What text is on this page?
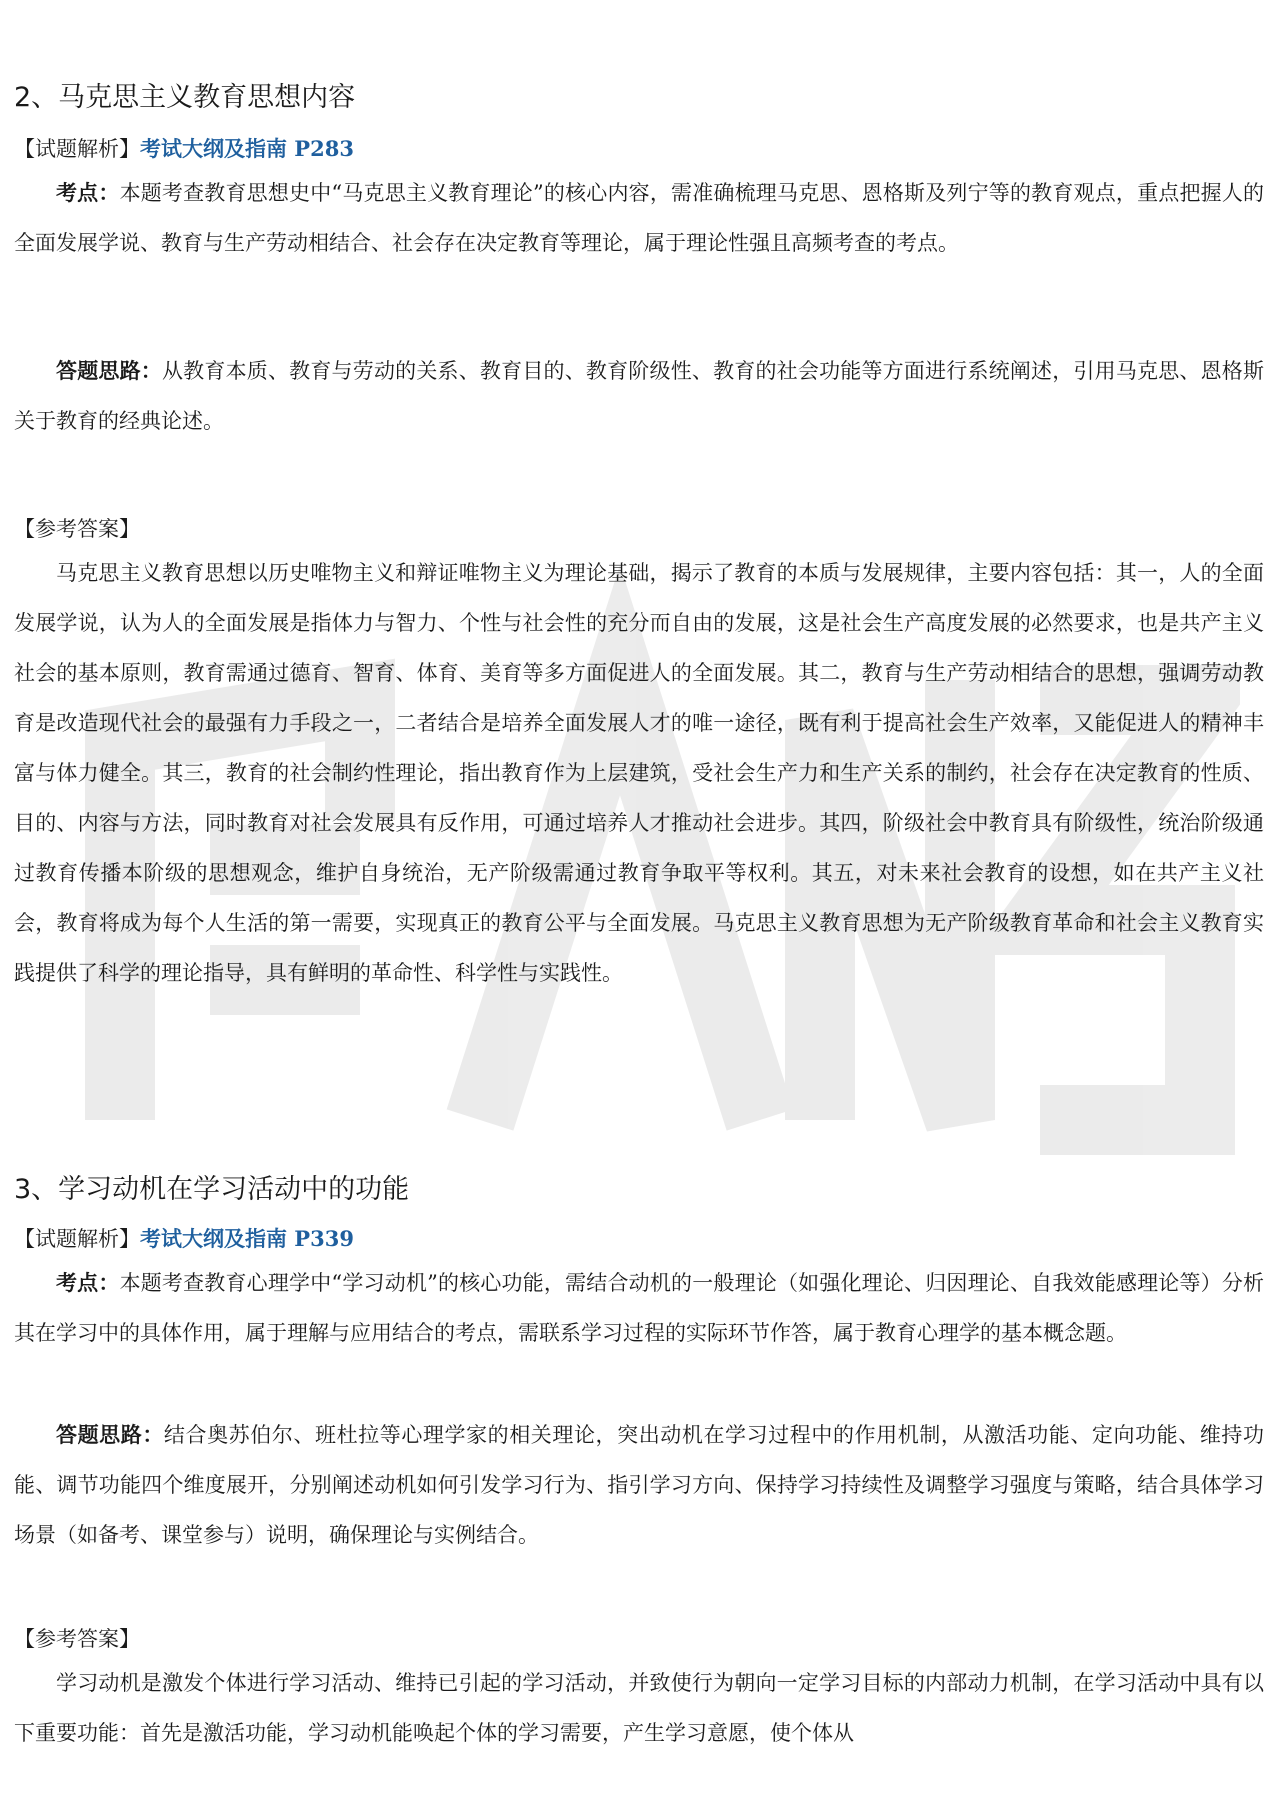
2、马克思主义教育思想内容
【试题解析】考试大纲及指南 P283

考点：本题考查教育思想史中“马克思主义教育理论”的核心内容，需准确梳理马克思、恩格斯及列宁等的教育观点，重点把握人的全面发展学说、教育与生产劳动相结合、社会存在决定教育等理论，属于理论性强且高频考查的考点。

答题思路：从教育本质、教育与劳动的关系、教育目的、教育阶级性、教育的社会功能等方面进行系统阐述，引用马克思、恩格斯关于教育的经典论述。

【参考答案】

马克思主义教育思想以历史唯物主义和辩证唯物主义为理论基础，揭示了教育的本质与发展规律，主要内容包括：其一，人的全面发展学说，认为人的全面发展是指体力与智力、个性与社会性的充分而自由的发展，这是社会生产高度发展的必然要求，也是共产主义社会的基本原则，教育需通过德育、智育、体育、美育等多方面促进人的全面发展。其二，教育与生产劳动相结合的思想，强调劳动教育是改造现代社会的最强有力手段之一，二者结合是培养全面发展人才的唯一途径，既有利于提高社会生产效率，又能促进人的精神丰富与体力健全。其三，教育的社会制约性理论，指出教育作为上层建筑，受社会生产力和生产关系的制约，社会存在决定教育的性质、目的、内容与方法，同时教育对社会发展具有反作用，可通过培养人才推动社会进步。其四，阶级社会中教育具有阶级性，统治阶级通过教育传播本阶级的思想观念，维护自身统治，无产阶级需通过教育争取平等权利。其五，对未来社会教育的设想，如在共产主义社会，教育将成为每个人生活的第一需要，实现真正的教育公平与全面发展。马克思主义教育思想为无产阶级教育革命和社会主义教育实践提供了科学的理论指导，具有鲜明的革命性、科学性与实践性。

3、学习动机在学习活动中的功能
【试题解析】考试大纲及指南 P339

考点：本题考查教育心理学中“学习动机”的核心功能，需结合动机的一般理论（如强化理论、归因理论、自我效能感理论等）分析其在学习中的具体作用，属于理解与应用结合的考点，需联系学习过程的实际环节作答，属于教育心理学的基本概念题。

答题思路：结合奥苏伯尔、班杜拉等心理学家的相关理论，突出动机在学习过程中的作用机制，从激活功能、定向功能、维持功能、调节功能四个维度展开，分别阐述动机如何引发学习行为、指引学习方向、保持学习持续性及调整学习强度与策略，结合具体学习场景（如备考、课堂参与）说明，确保理论与实例结合。

【参考答案】

学习动机是激发个体进行学习活动、维持已引起的学习活动，并致使行为朝向一定学习目标的内部动力机制，在学习活动中具有以下重要功能：首先是激活功能，学习动机能唤起个体的学习需要，产生学习意愿，使个体从
